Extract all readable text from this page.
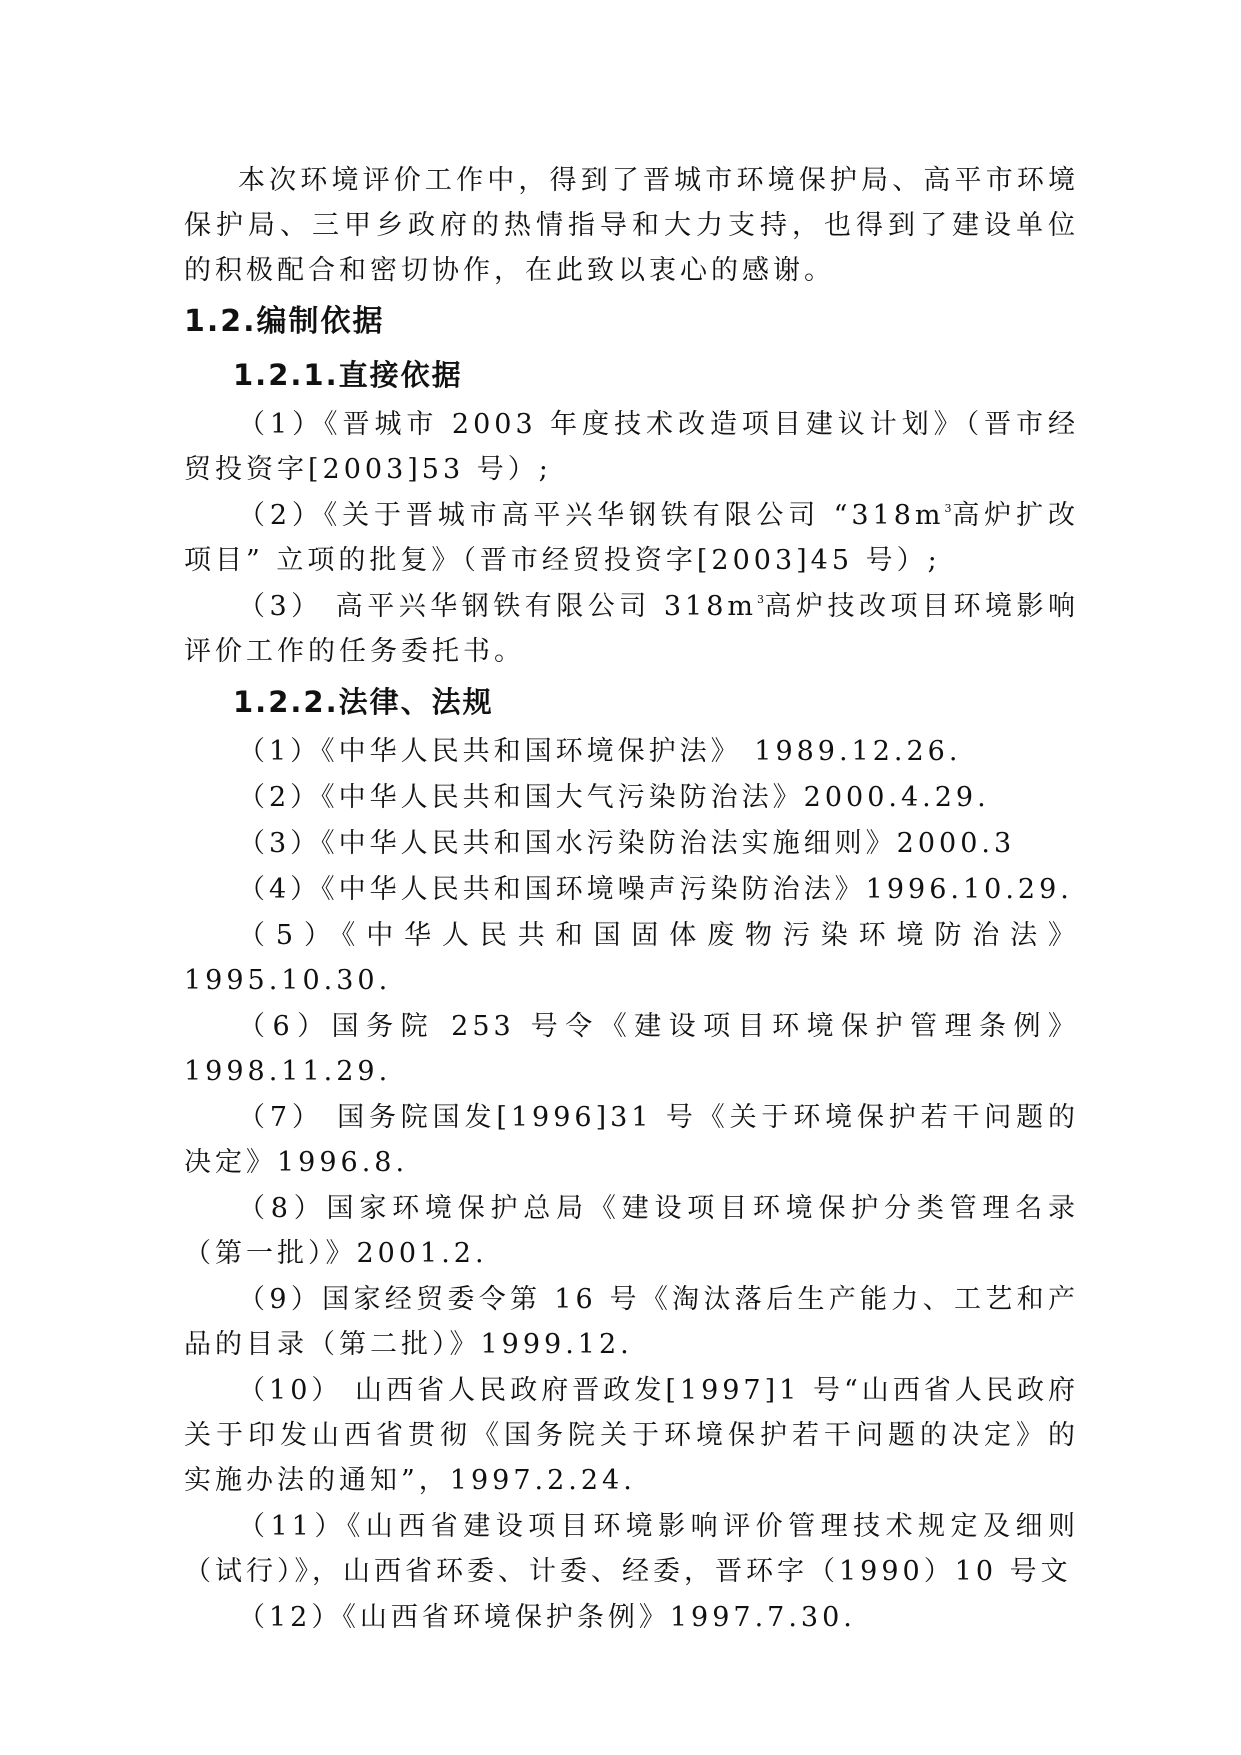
本次环境评价工作中，得到了晋城市环境保护局、高平市环境保护局、三甲乡政府的热情指导和大力支持，也得到了建设单位的积极配合和密切协作，在此致以衷心的感谢。

1.2.编制依据
1.2.1.直接依据

（1）《晋城市 2003 年度技术改造项目建议计划》（晋市经贸投资字[2003]53 号）;

（2）《关于晋城市高平兴华钢铁有限公司 “$318m^3$高炉扩改项目” 立项的批复》（晋市经贸投资字[2003]45 号）;

（3） 高平兴华钢铁有限公司 $318m^3$高炉技改项目环境影响评价工作的任务委托书。

1.2.2.法律、法规

（1）《中华人民共和国环境保护法》 1989.12.26.

（2）《中华人民共和国大气污染防治法》2000.4.29.

（3）《中华人民共和国水污染防治法实施细则》2000.3

（4）《中华人民共和国环境噪声污染防治法》1996.10.29.

（5）《中华人民共和国固体废物污染环境防治法》1995.10.30.

（6）国务院 253 号令《建设项目环境保护管理条例》1998.11.29.

（7） 国务院国发[1996]31 号《关于环境保护若干问题的决定》1996.8.

（8）国家环境保护总局《建设项目环境保护分类管理名录（第一批）》2001.2.

（9）国家经贸委令第 16 号《淘汰落后生产能力、工艺和产品的目录（第二批）》1999.12.

（10） 山西省人民政府晋政发[1997]1 号“山西省人民政府关于印发山西省贯彻《国务院关于环境保护若干问题的决定》的实施办法的通知”，1997.2.24.

（11）《山西省建设项目环境影响评价管理技术规定及细则（试行）》，山西省环委、计委、经委，晋环字（1990）10 号文

（12）《山西省环境保护条例》1997.7.30.
